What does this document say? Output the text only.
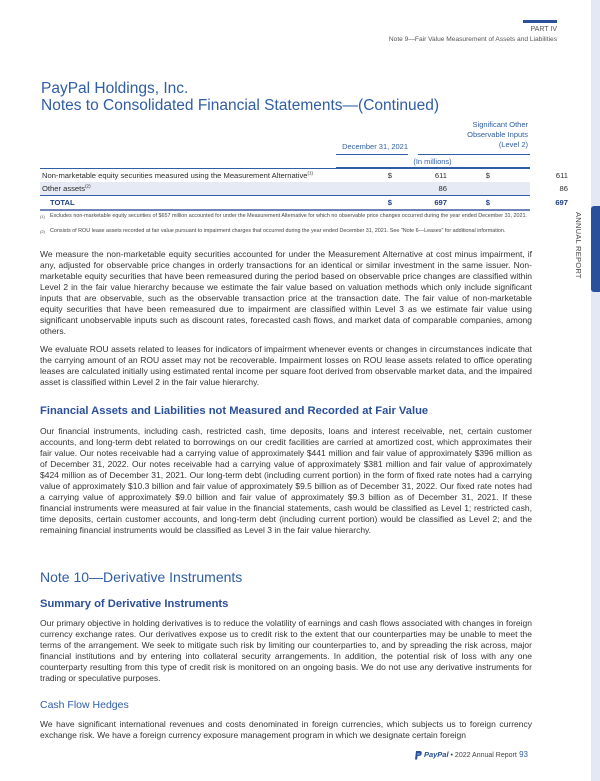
ANNUAL REPORT
PART IV
Note 9—Fair Value Measurement of Assets and Liabilities
PayPal Holdings, Inc.
Notes to Consolidated Financial Statements—(Continued)
December 31, 2021
Significant Other
Observable Inputs
(Level 2)
(In millions)
Non-marketable equity securities measured using the Measurement Alternative$^{(1)}$	$	611	$	611
Other assets$^{(2)}$	86	86
TOTAL	$	697	$	697
(1) Excludes non-marketable equity securities of $657 million accounted for under the Measurement Alternative for which no observable price changes occurred during the year ended December 31, 2021.
(2) Consists of ROU lease assets recorded at fair value pursuant to impairment charges that occurred during the year ended December 31, 2021. See "Note 6—Leases" for additional information.
We measure the non-marketable equity securities accounted for under the Measurement Alternative at cost minus impairment, if any, adjusted for observable price changes in orderly transactions for an identical or similar investment in the same issuer. Non-marketable equity securities that have been remeasured during the period based on observable price changes are classified within Level 2 in the fair value hierarchy because we estimate the fair value based on valuation methods which only include significant inputs that are observable, such as the observable transaction price at the transaction date. The fair value of non-marketable equity securities that have been remeasured due to impairment are classified within Level 3 as we estimate fair value using significant unobservable inputs such as discount rates, forecasted cash flows, and market data of comparable companies, among others.
We evaluate ROU assets related to leases for indicators of impairment whenever events or changes in circumstances indicate that the carrying amount of an ROU asset may not be recoverable. Impairment losses on ROU lease assets related to office operating leases are calculated initially using estimated rental income per square foot derived from observable market data, and the impaired asset is classified within Level 2 in the fair value hierarchy.
Financial Assets and Liabilities not Measured and Recorded at Fair Value
Our financial instruments, including cash, restricted cash, time deposits, loans and interest receivable, net, certain customer accounts, and long-term debt related to borrowings on our credit facilities are carried at amortized cost, which approximates their fair value. Our notes receivable had a carrying value of approximately $441 million and fair value of approximately $396 million as of December 31, 2022. Our notes receivable had a carrying value of approximately $381 million and fair value of approximately $424 million as of December 31, 2021. Our long-term debt (including current portion) in the form of fixed rate notes had a carrying value of approximately $10.3 billion and fair value of approximately $9.5 billion as of December 31, 2022. Our fixed rate notes had a carrying value of approximately $9.0 billion and fair value of approximately $9.3 billion as of December 31, 2021. If these financial instruments were measured at fair value in the financial statements, cash would be classified as Level 1; restricted cash, time deposits, certain customer accounts, and long-term debt (including current portion) would be classified as Level 2; and the remaining financial instruments would be classified as Level 3 in the fair value hierarchy.
Note 10—Derivative Instruments
Summary of Derivative Instruments
Our primary objective in holding derivatives is to reduce the volatility of earnings and cash flows associated with changes in foreign currency exchange rates. Our derivatives expose us to credit risk to the extent that our counterparties may be unable to meet the terms of the arrangement. We seek to mitigate such risk by limiting our counterparties to, and by spreading the risk across, major financial institutions and by entering into collateral security arrangements. In addition, the potential risk of loss with any one counterparty resulting from this type of credit risk is monitored on an ongoing basis. We do not use any derivative instruments for trading or speculative purposes.
Cash Flow Hedges
We have significant international revenues and costs denominated in foreign currencies, which subjects us to foreign currency exchange risk. We have a foreign currency exposure management program in which we designate certain foreign
PayPal • 2022 Annual Report 93
